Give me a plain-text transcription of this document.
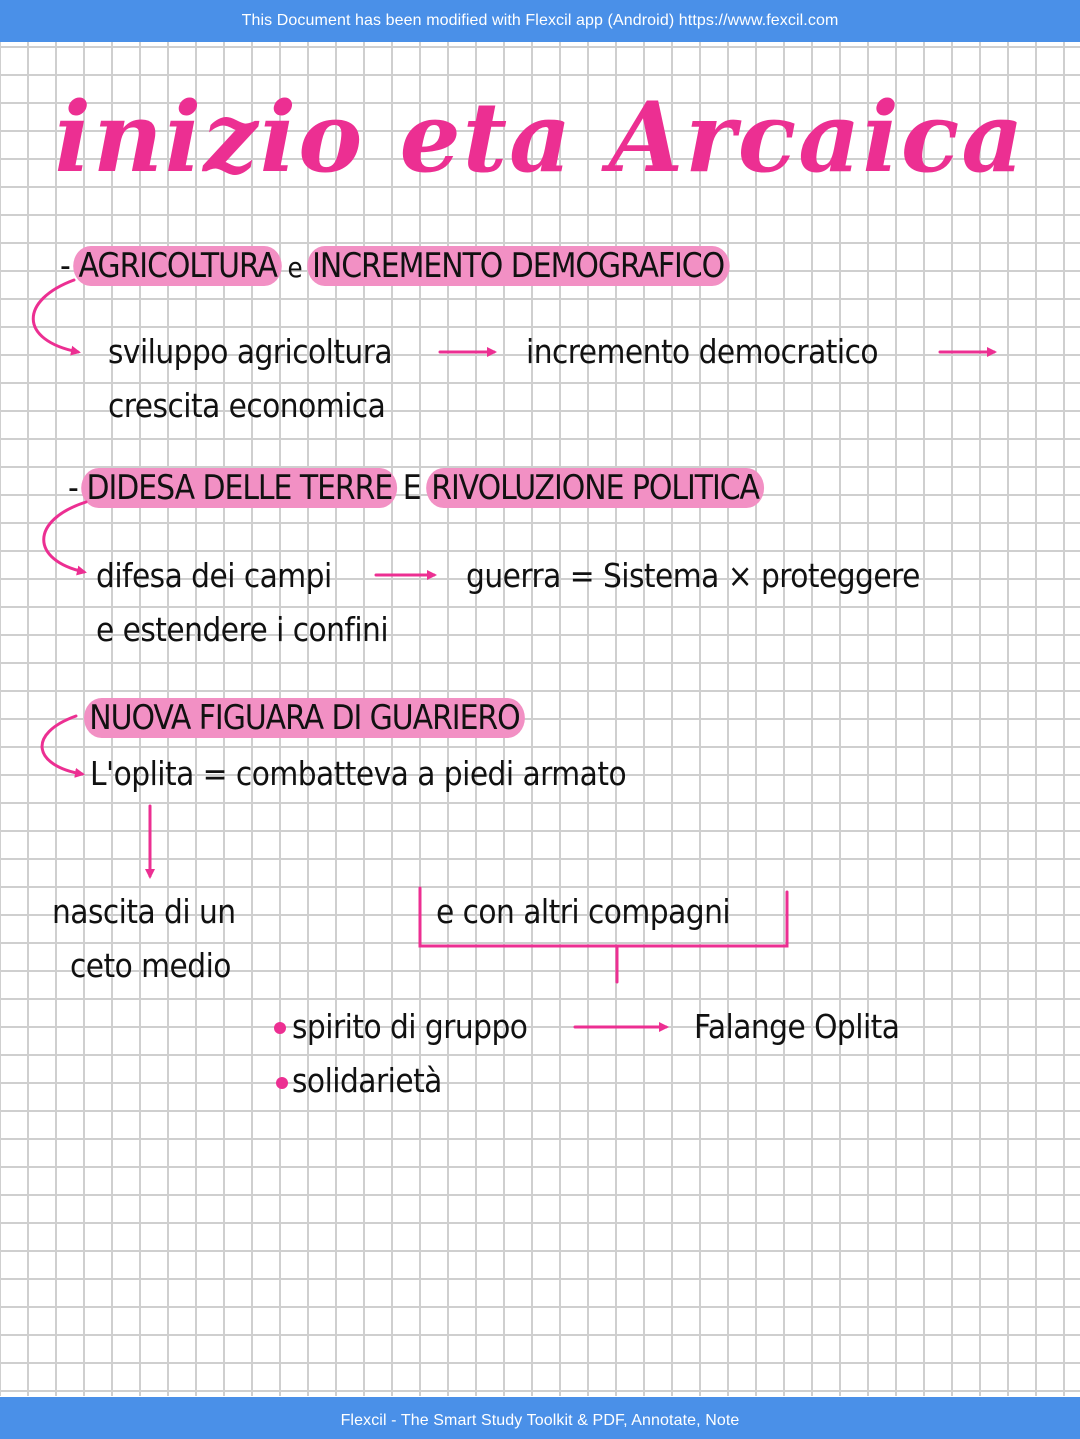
This Document has been modified with Flexcil app (Android) https://www.fexcil.com
inizio eta Arcaica
- AGRICOLTURA e INCREMENTO DEMOGRAFICO
sviluppo agricoltura	incremento democratico
crescita economica
- DIDESA DELLE TERRE E RIVOLUZIONE POLITICA
difesa dei campi	guerra = Sistema × proteggere
e estendere i confini
NUOVA FIGUARA DI GUARIERO
L'oplita = combatteva a piedi armato
nascita di un
ceto medio
e con altri compagni
spirito di gruppo
solidarietà
Falange Oplita
Flexcil - The Smart Study Toolkit & PDF, Annotate, Note
